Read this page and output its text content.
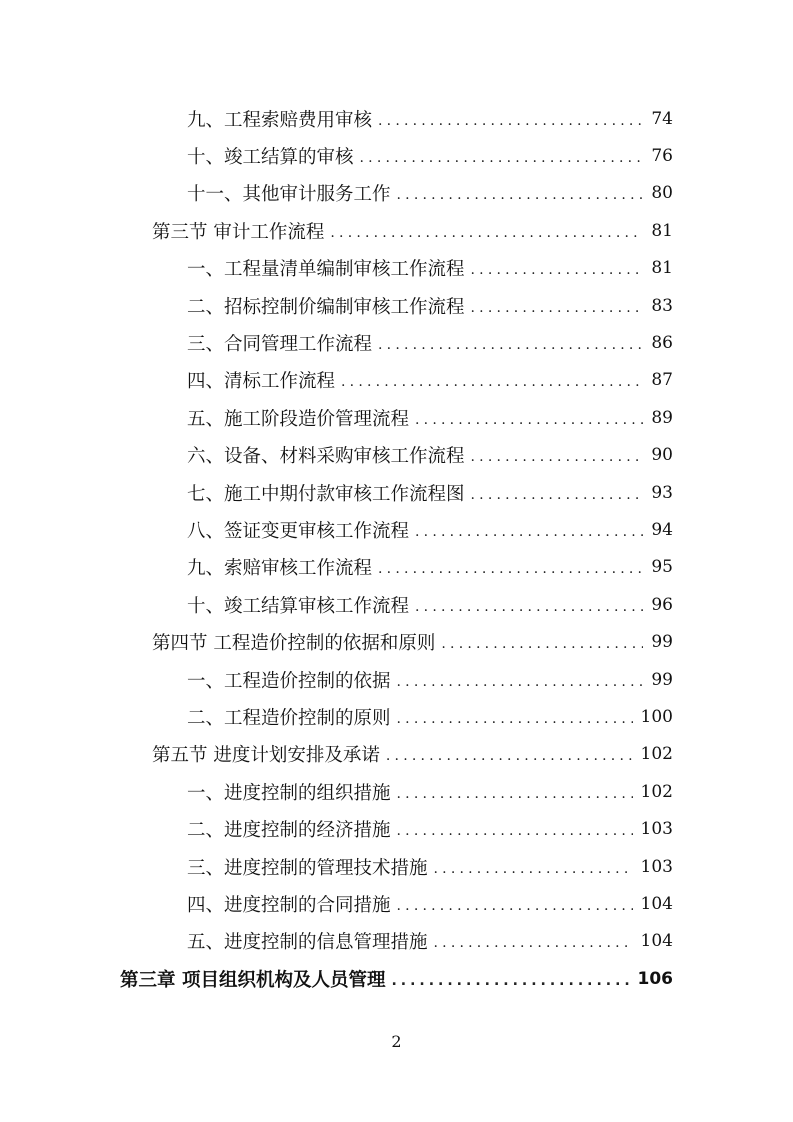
九、工程索赔费用审核 .....	74
十、竣工结算的审核 .....	76
十一、其他审计服务工作 .....	80
第三节 审计工作流程 .....	81
一、工程量清单编制审核工作流程 .....	81
二、招标控制价编制审核工作流程 .....	83
三、合同管理工作流程 .....	86
四、清标工作流程 .....	87
五、施工阶段造价管理流程 .....	89
六、设备、材料采购审核工作流程 .....	90
七、施工中期付款审核工作流程图 .....	93
八、签证变更审核工作流程 .....	94
九、索赔审核工作流程 .....	95
十、竣工结算审核工作流程 .....	96
第四节 工程造价控制的依据和原则 .....	99
一、工程造价控制的依据 .....	99
二、工程造价控制的原则 .....	100
第五节 进度计划安排及承诺 .....	102
一、进度控制的组织措施 .....	102
二、进度控制的经济措施 .....	103
三、进度控制的管理技术措施 .....	103
四、进度控制的合同措施 .....	104
五、进度控制的信息管理措施 .....	104
第三章 项目组织机构及人员管理 .....	106
2
